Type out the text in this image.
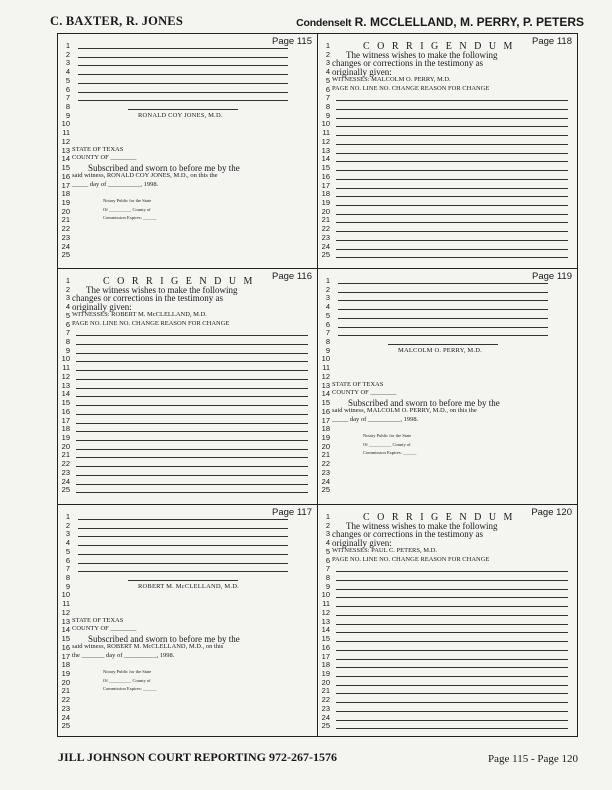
C. BAXTER, R. JONES	Condenselt R. MCCLELLAND, M. PERRY, P. PETERS
Page 115
1
2
3
4
5
6
7
8
9
10
11
12
13
14
15
16
17
18
19
20
21
22
23
24
25
RONALD COY JONES, M.D.
STATE OF TEXAS
COUNTY OF ________
Subscribed and sworn to before me by the
said witness, RONALD COY JONES, M.D., on this the
_____ day of __________, 1998.
Notary Public for the State
Of __________ County of
Commission Expires: ______
Page 116
1
2
3
4
5
6
7
8
9
10
11
12
13
14
15
16
17
18
19
20
21
22
23
24
25
C O R R I G E N D U M
The witness wishes to make the following
changes or corrections in the testimony as
originally given:
WITNESSES: ROBERT M. McCLELLAND, M.D.
PAGE NO. LINE NO. CHANGE REASON FOR CHANGE
Page 117
1
2
3
4
5
6
7
8
9
10
11
12
13
14
15
16
17
18
19
20
21
22
23
24
25
ROBERT M. McCLELLAND, M.D.
STATE OF TEXAS
COUNTY OF ________
Subscribed and sworn to before me by the
said witness, ROBERT M. McCLELLAND, M.D., on this
the _______ day of __________, 1998.
Notary Public for the State
Of __________ County of
Commission Expires: ______
Page 118
1
2
3
4
5
6
7
8
9
10
11
12
13
14
15
16
17
18
19
20
21
22
23
24
25
C O R R I G E N D U M
The witness wishes to make the following
changes or corrections in the testimony as
originally given:
WITNESSES: MALCOLM O. PERRY, M.D.
PAGE NO. LINE NO. CHANGE REASON FOR CHANGE
Page 119
1
2
3
4
5
6
7
8
9
10
11
12
13
14
15
16
17
18
19
20
21
22
23
24
25
MALCOLM O. PERRY, M.D.
STATE OF TEXAS
COUNTY OF ________
Subscribed and sworn to before me by the
said witness, MALCOLM O. PERRY, M.D., on this the
_____ day of __________, 1998.
Notary Public for the State
Of __________ County of
Commission Expires: ______
Page 120
1
2
3
4
5
6
7
8
9
10
11
12
13
14
15
16
17
18
19
20
21
22
23
24
25
C O R R I G E N D U M
The witness wishes to make the following
changes or corrections in the testimony as
originally given:
WITNESSES: PAUL C. PETERS, M.D.
PAGE NO. LINE NO. CHANGE REASON FOR CHANGE
JILL JOHNSON COURT REPORTING 972-267-1576	Page 115 - Page 120
